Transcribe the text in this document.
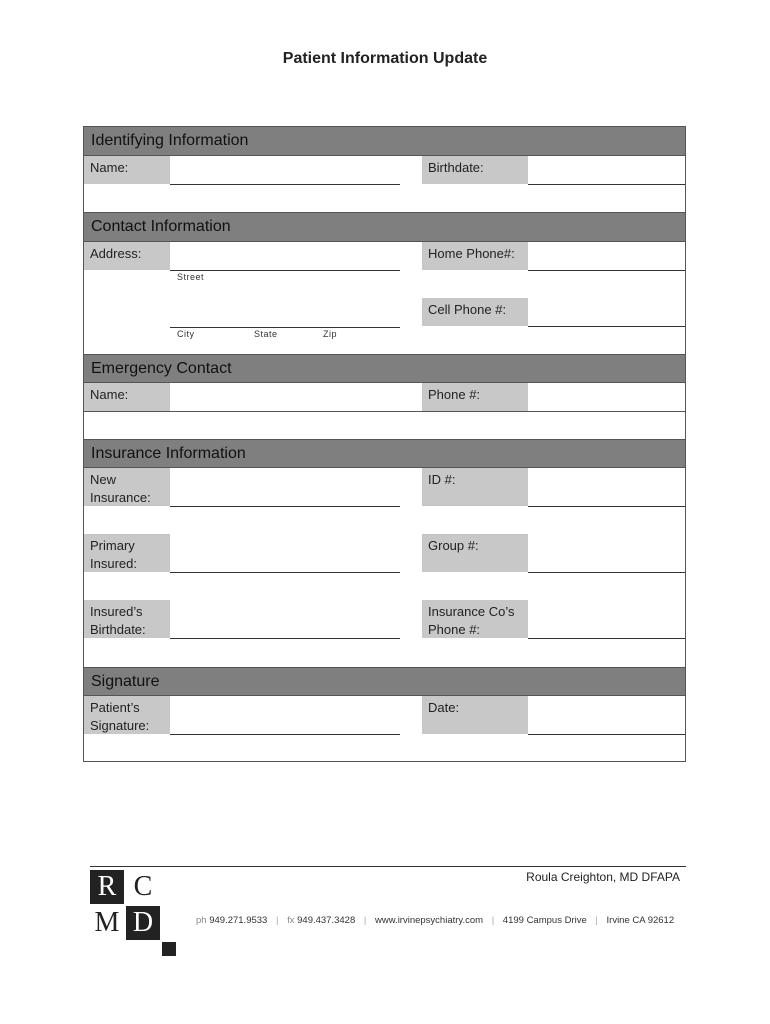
Patient Information Update
Identifying Information
Name:	Birthdate:
Contact Information
Address:
Street
Home Phone#:
Cell Phone #:
City	State	Zip
Emergency Contact
Name:	Phone #:
Insurance Information
New Insurance:
ID #:
Primary Insured:
Group #:
Insured’s Birthdate:
Insurance Co’s Phone #:
Signature
Patient’s Signature:
Date:
R C
M D
Roula Creighton, MD DFAPA
ph 949.271.9533 | fx 949.437.3428 | www.irvinepsychiatry.com | 4199 Campus Drive | Irvine CA 92612
